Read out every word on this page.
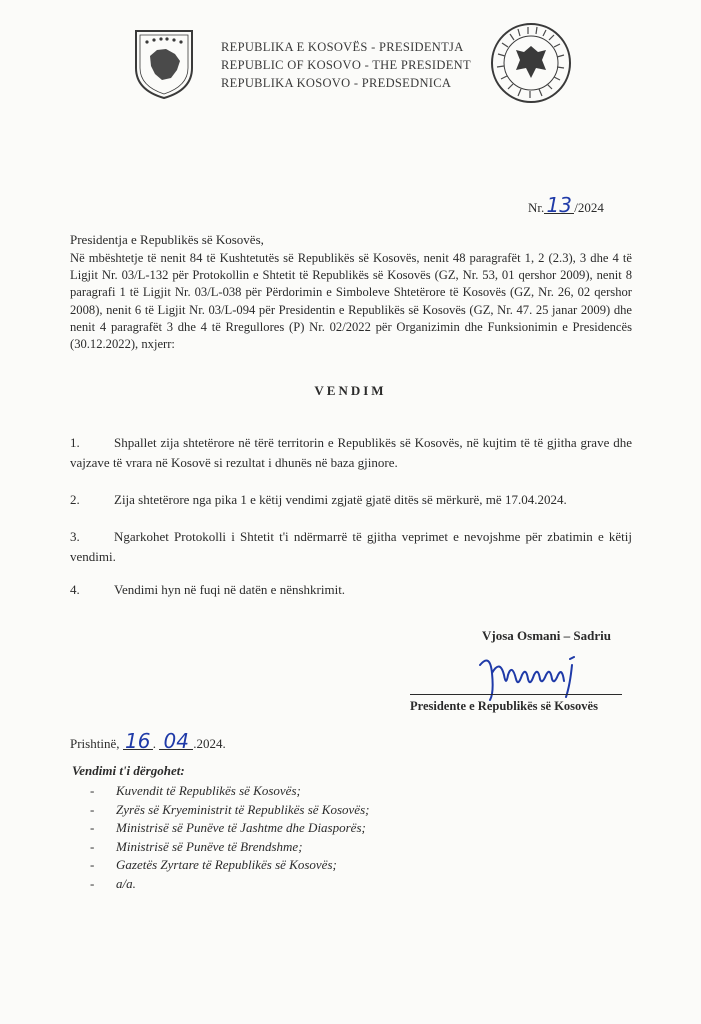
REPUBLIKA E KOSOVËS - PRESIDENTJA
REPUBLIC OF KOSOVO - THE PRESIDENT
REPUBLIKA KOSOVO - PREDSEDNICA
Nr. 13 /2024
Presidentja e Republikës së Kosovës,
Në mbështetje të nenit 84 të Kushtetutës së Republikës së Kosovës, nenit 48 paragrafët 1, 2 (2.3), 3 dhe 4 të Ligjit Nr. 03/L-132 për Protokollin e Shtetit të Republikës së Kosovës (GZ, Nr. 53, 01 qershor 2009), nenit 8 paragrafi 1 të Ligjit Nr. 03/L-038 për Përdorimin e Simboleve Shtetërore të Kosovës (GZ, Nr. 26, 02 qershor 2008), nenit 6 të Ligjit Nr. 03/L-094 për Presidentin e Republikës së Kosovës (GZ, Nr. 47. 25 janar 2009) dhe nenit 4 paragrafët 3 dhe 4 të Rregullores (P) Nr. 02/2022 për Organizimin dhe Funksionimin e Presidencës (30.12.2022), nxjerr:
VENDIM
1.	Shpallet zija shtetërore në tërë territorin e Republikës së Kosovës, në kujtim të të gjitha grave dhe vajzave të vrara në Kosovë si rezultat i dhunës në baza gjinore.
2.	Zija shtetërore nga pika 1 e këtij vendimi zgjatë gjatë ditës së mërkurë, më 17.04.2024.
3.	Ngarkohet Protokolli i Shtetit t'i ndërmarrë të gjitha veprimet e nevojshme për zbatimin e këtij vendimi.
4.	Vendimi hyn në fuqi në datën e nënshkrimit.
Vjosa Osmani – Sadriu
Presidente e Republikës së Kosovës
Prishtinë, 16 . 04 .2024.
Vendimi t'i dërgohet:
- Kuvendit të Republikës së Kosovës;
- Zyrës së Kryeministrit të Republikës së Kosovës;
- Ministrisë së Punëve të Jashtme dhe Diasporës;
- Ministrisë së Punëve të Brendshme;
- Gazetës Zyrtare të Republikës së Kosovës;
- a/a.
